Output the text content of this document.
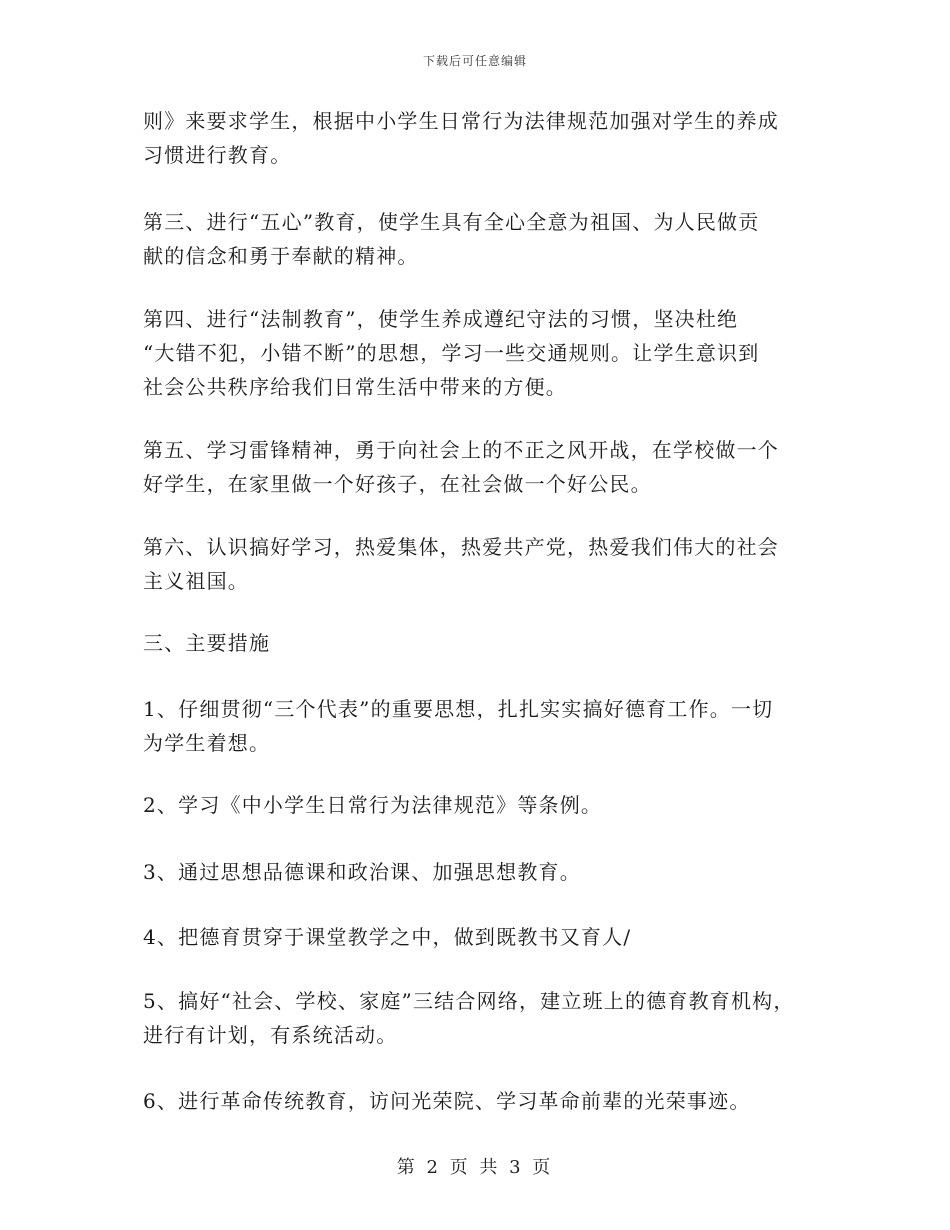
下载后可任意编辑

则》来要求学生，根据中小学生日常行为法律规范加强对学生的养成
习惯进行教育。

第三、进行“五心”教育，使学生具有全心全意为祖国、为人民做贡
献的信念和勇于奉献的精神。

第四、进行“法制教育”，使学生养成遵纪守法的习惯，坚决杜绝
“大错不犯，小错不断”的思想，学习一些交通规则。让学生意识到
社会公共秩序给我们日常生活中带来的方便。

第五、学习雷锋精神，勇于向社会上的不正之风开战，在学校做一个
好学生，在家里做一个好孩子，在社会做一个好公民。

第六、认识搞好学习，热爱集体，热爱共产党，热爱我们伟大的社会
主义祖国。

三、主要措施

1、仔细贯彻“三个代表”的重要思想，扎扎实实搞好德育工作。一切
为学生着想。

2、学习《中小学生日常行为法律规范》等条例。

3、通过思想品德课和政治课、加强思想教育。

4、把德育贯穿于课堂教学之中，做到既教书又育人/

5、搞好“社会、学校、家庭”三结合网络，建立班上的德育教育机构，
进行有计划，有系统活动。

6、进行革命传统教育，访问光荣院、学习革命前辈的光荣事迹。

第 2 页 共 3 页
